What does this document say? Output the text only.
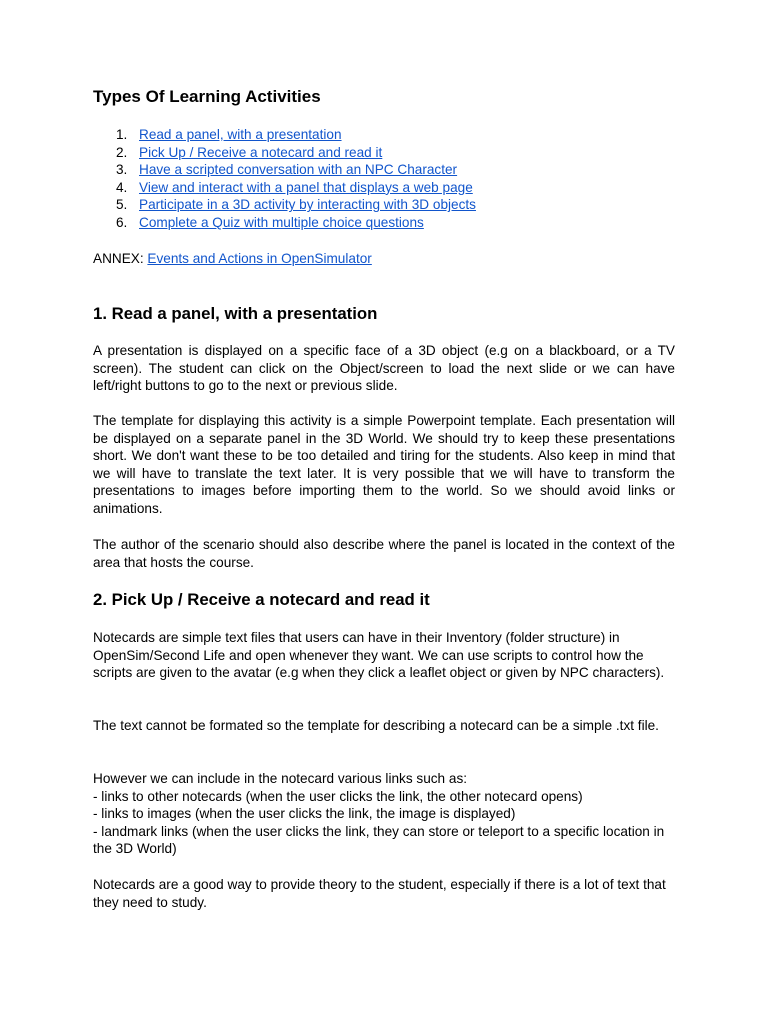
Types Of Learning Activities
1. Read a panel, with a presentation
2. Pick Up / Receive a notecard and read it
3. Have a scripted conversation with an NPC Character
4. View and interact with a panel that displays a web page
5. Participate in a 3D activity by interacting with 3D objects
6. Complete a Quiz with multiple choice questions

ANNEX: Events and Actions in OpenSimulator

1. Read a panel, with a presentation

A presentation is displayed on a specific face of a 3D object (e.g on a blackboard, or a TV screen). The student can click on the Object/screen to load the next slide or we can have left/right buttons to go to the next or previous slide.

The template for displaying this activity is a simple Powerpoint template. Each presentation will be displayed on a separate panel in the 3D World. We should try to keep these presentations short. We don't want these to be too detailed and tiring for the students. Also keep in mind that we will have to translate the text later. It is very possible that we will have to transform the presentations to images before importing them to the world. So we should avoid links or animations.

The author of the scenario should also describe where the panel is located in the context of the area that hosts the course.

2. Pick Up / Receive a notecard and read it

Notecards are simple text files that users can have in their Inventory (folder structure) in OpenSim/Second Life and open whenever they want. We can use scripts to control how the scripts are given to the avatar (e.g when they click a leaflet object or given by NPC characters).

The text cannot be formated so the template for describing a notecard can be a simple .txt file.

However we can include in the notecard various links such as:
- links to other notecards (when the user clicks the link, the other notecard opens)
- links to images (when the user clicks the link, the image is displayed)
- landmark links (when the user clicks the link, they can store or teleport to a specific location in the 3D World)

Notecards are a good way to provide theory to the student, especially if there is a lot of text that they need to study.
